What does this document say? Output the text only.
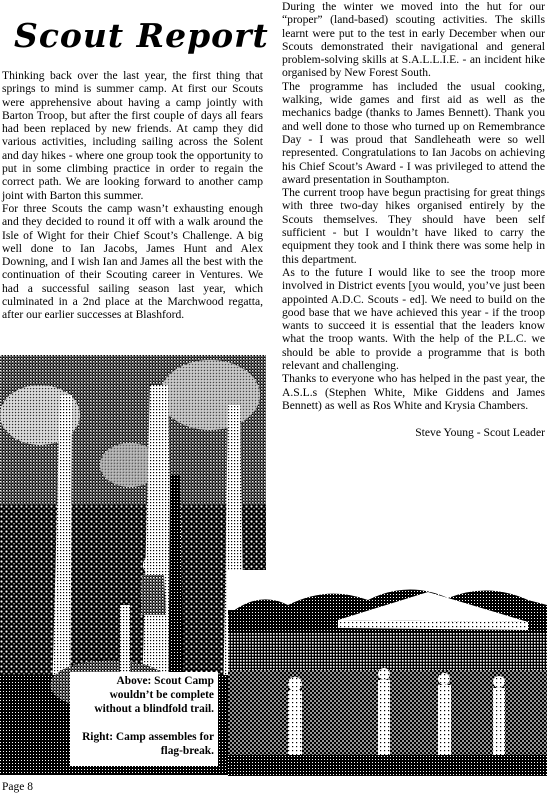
Scout Report

Thinking back over the last year, the first thing that springs to mind is summer camp. At first our Scouts were apprehensive about having a camp jointly with Barton Troop, but after the first couple of days all fears had been replaced by new friends. At camp they did various activities, including sailing across the Solent and day hikes - where one group took the opportunity to put in some climbing practice in order to regain the correct path. We are looking forward to another camp joint with Barton this summer.

For three Scouts the camp wasn’t exhausting enough and they decided to round it off with a walk around the Isle of Wight for their Chief Scout’s Challenge. A big well done to Ian Jacobs, James Hunt and Alex Downing, and I wish Ian and James all the best with the continuation of their Scouting career in Ventures. We had a successful sailing season last year, which culminated in a 2nd place at the Marchwood regatta, after our earlier successes at Blashford.

During the winter we moved into the hut for our “proper” (land-based) scouting activities. The skills learnt were put to the test in early December when our Scouts demonstrated their navigational and general problem-solving skills at S.A.L.L.I.E. - an incident hike organised by New Forest South.

The programme has included the usual cooking, walking, wide games and first aid as well as the mechanics badge (thanks to James Bennett). Thank you and well done to those who turned up on Remembrance Day - I was proud that Sandleheath were so well represented. Congratulations to Ian Jacobs on achieving his Chief Scout’s Award - I was privileged to attend the award presentation in Southampton.

The current troop have begun practising for great things with three two-day hikes organised entirely by the Scouts themselves. They should have been self sufficient - but I wouldn’t have liked to carry the equipment they took and I think there was some help in this department.

As to the future I would like to see the troop more involved in District events [you would, you’ve just been appointed A.D.C. Scouts - ed]. We need to build on the good base that we have achieved this year - if the troop wants to succeed it is essential that the leaders know what the troop wants. With the help of the P.L.C. we should be able to provide a programme that is both relevant and challenging.

Thanks to everyone who has helped in the past year, the A.S.L.s (Stephen White, Mike Giddens and James Bennett) as well as Ros White and Krysia Chambers.

Steve Young - Scout Leader

Above: Scout Camp wouldn’t be complete without a blindfold trail.

Right: Camp assembles for flag-break.

Page 8
